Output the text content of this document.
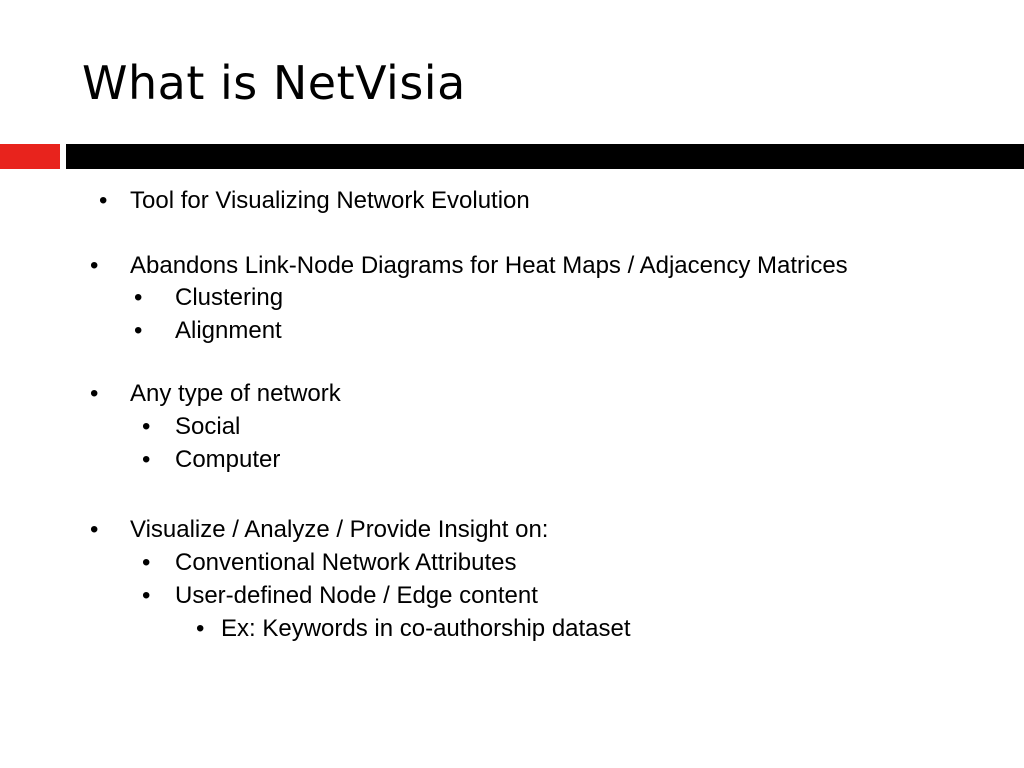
What is NetVisia
• Tool for Visualizing Network Evolution
• Abandons Link-Node Diagrams for Heat Maps / Adjacency Matrices
• Clustering
• Alignment
• Any type of network
• Social
• Computer
• Visualize / Analyze / Provide Insight on:
• Conventional Network Attributes
• User-defined Node / Edge content
• Ex: Keywords in co-authorship dataset
